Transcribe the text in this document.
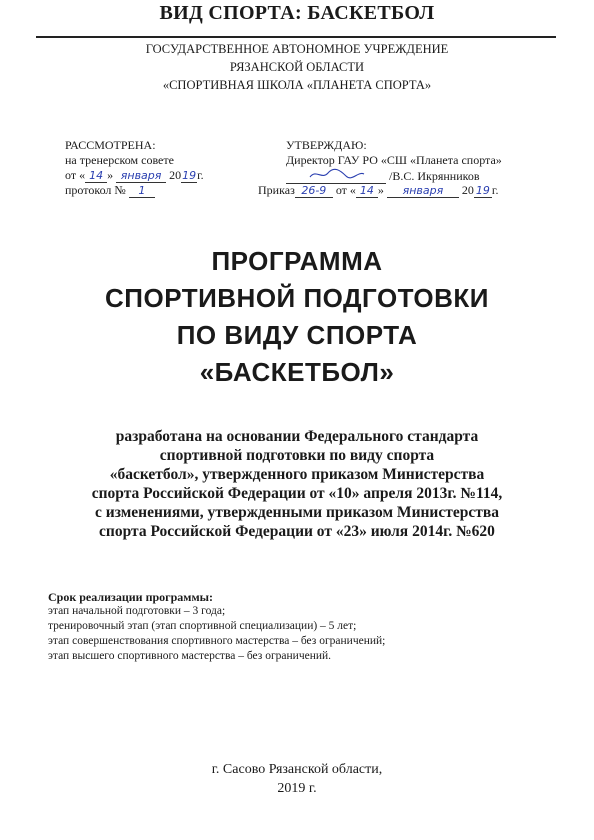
ВИД СПОРТА: БАСКЕТБОЛ
ГОСУДАРСТВЕННОЕ АВТОНОМНОЕ УЧРЕЖДЕНИЕ
РЯЗАНСКОЙ ОБЛАСТИ
«СПОРТИВНАЯ ШКОЛА «ПЛАНЕТА СПОРТА»
РАССМОТРЕНА:
на тренерском совете
от « 14 » января 2019г.
протокол № 1
УТВЕРЖДАЮ:
Директор ГАУ РО «СШ «Планета спорта»
/В.С. Икрянников
Приказ 26-9 от « 14 » января 20 19 г.
ПРОГРАММА
СПОРТИВНОЙ ПОДГОТОВКИ
ПО ВИДУ СПОРТА
«БАСКЕТБОЛ»
разработана на основании Федерального стандарта
спортивной подготовки по виду спорта
«баскетбол», утвержденного приказом Министерства
спорта Российской Федерации от «10» апреля 2013г. №114,
с изменениями, утвержденными приказом Министерства
спорта Российской Федерации от «23» июля 2014г. №620
Срок реализации программы:
этап начальной подготовки – 3 года;
тренировочный этап (этап спортивной специализации) – 5 лет;
этап совершенствования спортивного мастерства – без ограничений;
этап высшего спортивного мастерства – без ограничений.
г. Сасово Рязанской области,
2019 г.
